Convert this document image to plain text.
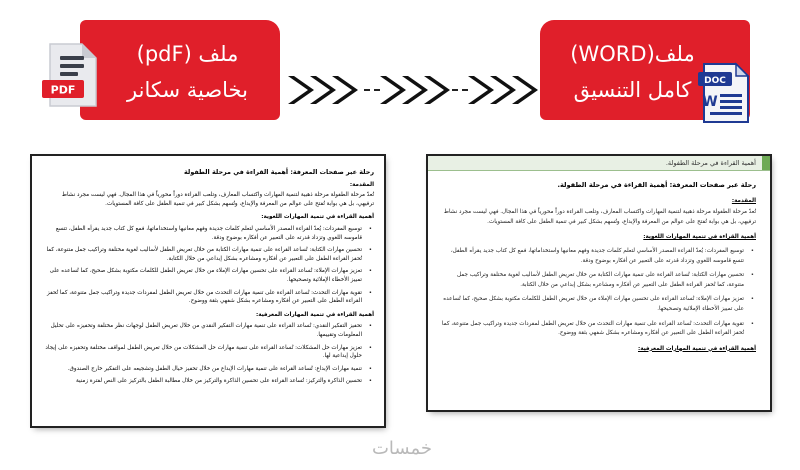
ملف (pdF)
بخاصية سكانر
PDF
ملف(WORD)
كامل التنسيق	DOC
W

رحلة عبر صفحات المعرفة: أهمية القراءة في مرحلة الطفولة

المقدمة:

تُعدّ مرحلة الطفولة مرحلة ذهبية لتنمية المهارات واكتساب المعارف، وتلعب القراءة دوراً محورياً في هذا المجال. فهي ليست مجرد نشاط ترفيهي، بل هي بوابة تُفتح على عوالم من المعرفة والإبداع، وتُسهم بشكل كبير في تنمية الطفل على كافة المستويات.

أهمية القراءة في تنمية المهارات اللغوية:

• توسيع المفردات: يُعدّ القراءة المصدر الأساسي لتعلم كلمات جديدة وفهم معانيها واستخداماتها، فمع كل كتاب جديد يقرأه الطفل، تتسع قاموسه اللغوي وتزداد قدرته على التعبير عن أفكاره بوضوح ودقة.

• تحسين مهارات الكتابة: تُساعد القراءة على تنمية مهارات الكتابة من خلال تعريض الطفل لأساليب لغوية مختلفة وتراكيب جمل متنوعة، كما تُحفز القراءة الطفل على التعبير عن أفكاره ومشاعره بشكل إبداعي من خلال الكتابة.

• تعزيز مهارات الإملاء: تُساعد القراءة على تحسين مهارات الإملاء من خلال تعريض الطفل للكلمات مكتوبة بشكل صحيح، كما تُساعده على تمييز الأخطاء الإملائية وتصحيحها.

• تقوية مهارات التحدث: تُساعد القراءة على تنمية مهارات التحدث من خلال تعريض الطفل لمفردات جديدة وتراكيب جمل متنوعة، كما تُحفز القراءة الطفل على التعبير عن أفكاره ومشاعره بشكل شفهي بثقة ووضوح.

أهمية القراءة في تنمية المهارات المعرفية:

• تحفيز التفكير النقدي: تُساعد القراءة على تنمية مهارات التفكير النقدي من خلال تعريض الطفل لوجهات نظر مختلفة وتحفيزه على تحليل المعلومات وتقييمها.

• تعزيز مهارات حل المشكلات: تُساعد القراءة على تنمية مهارات حل المشكلات من خلال تعريض الطفل لمواقف مختلفة وتحفيزه على إيجاد حلول إبداعية لها.

• تنمية مهارات الإبداع: تُساعد القراءة على تنمية مهارات الإبداع من خلال تحفيز خيال الطفل وتشجيعه على التفكير خارج الصندوق.

• تحسين الذاكرة والتركيز: تُساعد القراءة على تحسين الذاكرة والتركيز من خلال مطالبة الطفل بالتركيز على النص لفترة زمنية

أهمية القراءة في مرحلة الطفولة.

رحلة عبر صفحات المعرفة: أهمية القراءة في مرحلة الطفولة.

المقدمة:

تُعدّ مرحلة الطفولة مرحلة ذهبية لتنمية المهارات واكتساب المعارف، وتلعب القراءة دوراً محورياً في هذا المجال. فهي ليست مجرد نشاط ترفيهي، بل هي بوابة تُفتح على عوالم من المعرفة والإبداع، وتُسهم بشكل كبير في تنمية الطفل على كافة المستويات.

أهمية القراءة في تنمية المهارات اللغوية:

• توسيع المفردات: يُعدّ القراءة المصدر الأساسي لتعلم كلمات جديدة وفهم معانيها واستخداماتها، فمع كل كتاب جديد يقرأه الطفل، تتسع قاموسه اللغوي وتزداد قدرته على التعبير عن أفكاره بوضوح ودقة.

• تحسين مهارات الكتابة: تُساعد القراءة على تنمية مهارات الكتابة من خلال تعريض الطفل لأساليب لغوية مختلفة وتراكيب جمل متنوعة، كما تُحفز القراءة الطفل على التعبير عن أفكاره ومشاعره بشكل إبداعي من خلال الكتابة.

• تعزيز مهارات الإملاء: تُساعد القراءة على تحسين مهارات الإملاء من خلال تعريض الطفل للكلمات مكتوبة بشكل صحيح، كما تُساعده على تمييز الأخطاء الإملائية وتصحيحها.

• تقوية مهارات التحدث: تُساعد القراءة على تنمية مهارات التحدث من خلال تعريض الطفل لمفردات جديدة وتراكيب جمل متنوعة، كما تُحفز القراءة الطفل على التعبير عن أفكاره ومشاعره بشكل شفهي بثقة ووضوح.

أهمية القراءة في تنمية المهارات المعرفية:

خمسات
